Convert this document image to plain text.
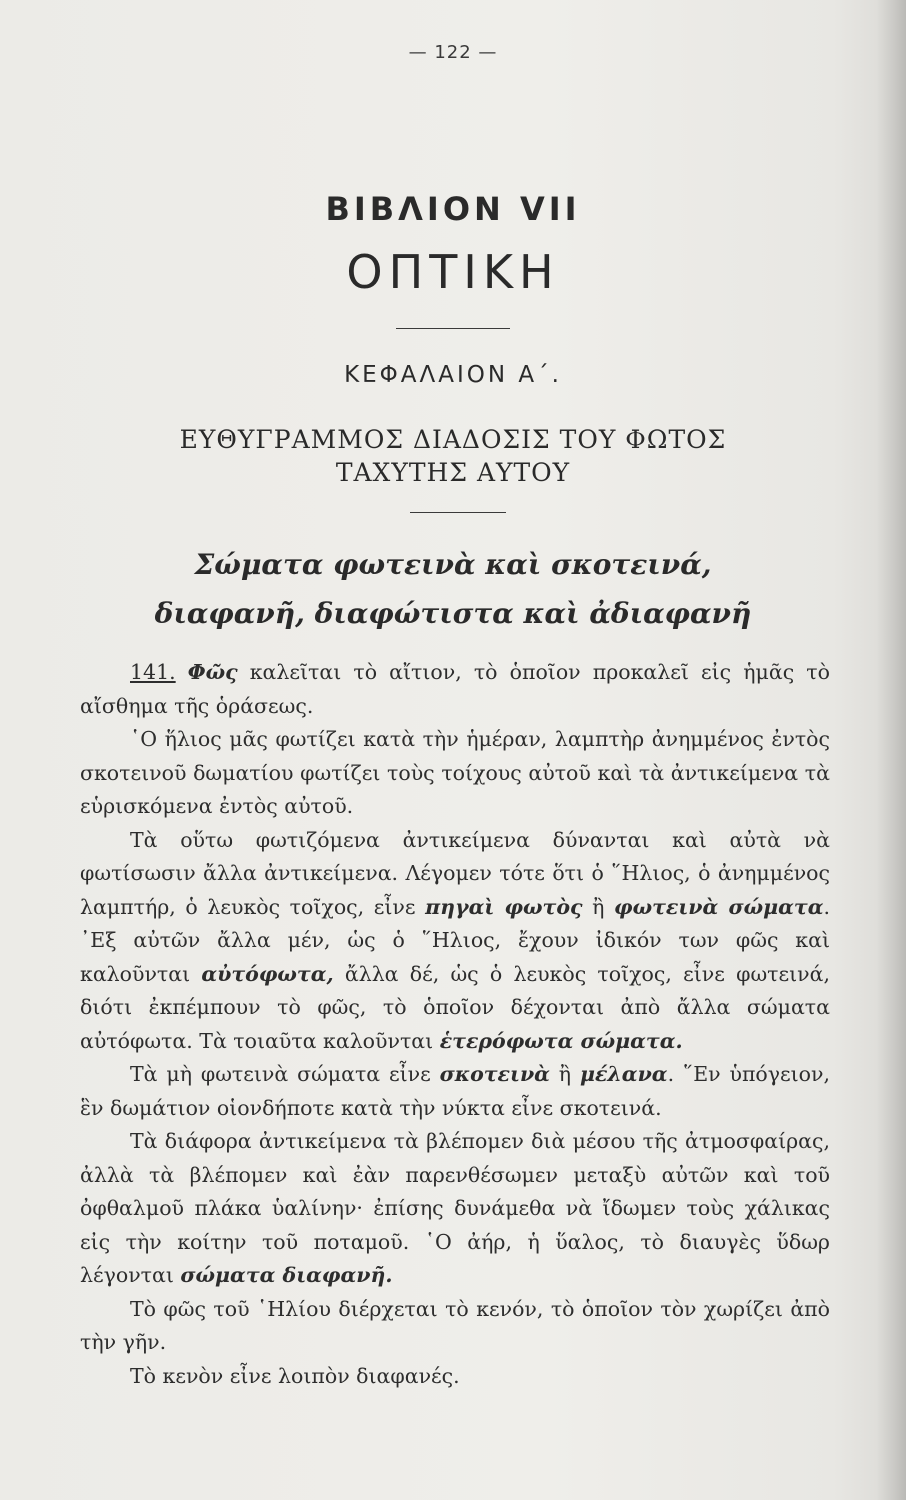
— 122 —
ΒΙΒΛΙΟΝ VII
ΟΠΤΙΚΗ
ΚΕΦΑΛΑΙΟΝ Α΄.
ΕΥΘΥΓΡΑΜΜΟΣ ΔΙΑΔΟΣΙΣ ΤΟΥ ΦΩΤΟΣ
ΤΑΧΥΤΗΣ ΑΥΤΟΥ
Σώματα φωτεινὰ καὶ σκοτεινά,
διαφανῆ, διαφώτιστα καὶ ἀδιαφανῆ

141. Φῶς καλεῖται τὸ αἴτιον, τὸ ὁποῖον προκαλεῖ εἰς ἡμᾶς τὸ αἴσθημα τῆς ὁράσεως.

῾Ο ἥλιος μᾶς φωτίζει κατὰ τὴν ἡμέραν, λαμπτὴρ ἀνημμένος ἐντὸς σκοτεινοῦ δωματίου φωτίζει τοὺς τοίχους αὐτοῦ καὶ τὰ ἀντικείμενα τὰ εὑρισκόμενα ἐντὸς αὐτοῦ.

Τὰ οὕτω φωτιζόμενα ἀντικείμενα δύνανται καὶ αὐτὰ νὰ φωτίσωσιν ἄλλα ἀντικείμενα. Λέγομεν τότε ὅτι ὁ ῞Ηλιος, ὁ ἀνημμένος λαμπτήρ, ὁ λευκὸς τοῖχος, εἶνε πηγαὶ φωτὸς ἢ φωτεινὰ σώματα. ᾿Εξ αὐτῶν ἄλλα μέν, ὡς ὁ ῞Ηλιος, ἔχουν ἰδικόν των φῶς καὶ καλοῦνται αὐτόφωτα, ἄλλα δέ, ὡς ὁ λευκὸς τοῖχος, εἶνε φωτεινά, διότι ἐκπέμπουν τὸ φῶς, τὸ ὁποῖον δέχονται ἀπὸ ἄλλα σώματα αὐτόφωτα. Τὰ τοιαῦτα καλοῦνται ἑτερόφωτα σώματα.

Τὰ μὴ φωτεινὰ σώματα εἶνε σκοτεινὰ ἢ μέλανα. ῞Εν ὑπόγειον, ἓν δωμάτιον οἱονδήποτε κατὰ τὴν νύκτα εἶνε σκοτεινά.

Τὰ διάφορα ἀντικείμενα τὰ βλέπομεν διὰ μέσου τῆς ἀτμοσφαίρας, ἀλλὰ τὰ βλέπομεν καὶ ἐὰν παρενθέσωμεν μεταξὺ αὐτῶν καὶ τοῦ ὀφθαλμοῦ πλάκα ὑαλίνην· ἐπίσης δυνάμεθα νὰ ἴδωμεν τοὺς χάλικας εἰς τὴν κοίτην τοῦ ποταμοῦ. ῾Ο ἀήρ, ἡ ὕαλος, τὸ διαυγὲς ὕδωρ λέγονται σώματα διαφανῆ.

Τὸ φῶς τοῦ ῾Ηλίου διέρχεται τὸ κενόν, τὸ ὁποῖον τὸν χωρίζει ἀπὸ τὴν γῆν.

Τὸ κενὸν εἶνε λοιπὸν διαφανές.
